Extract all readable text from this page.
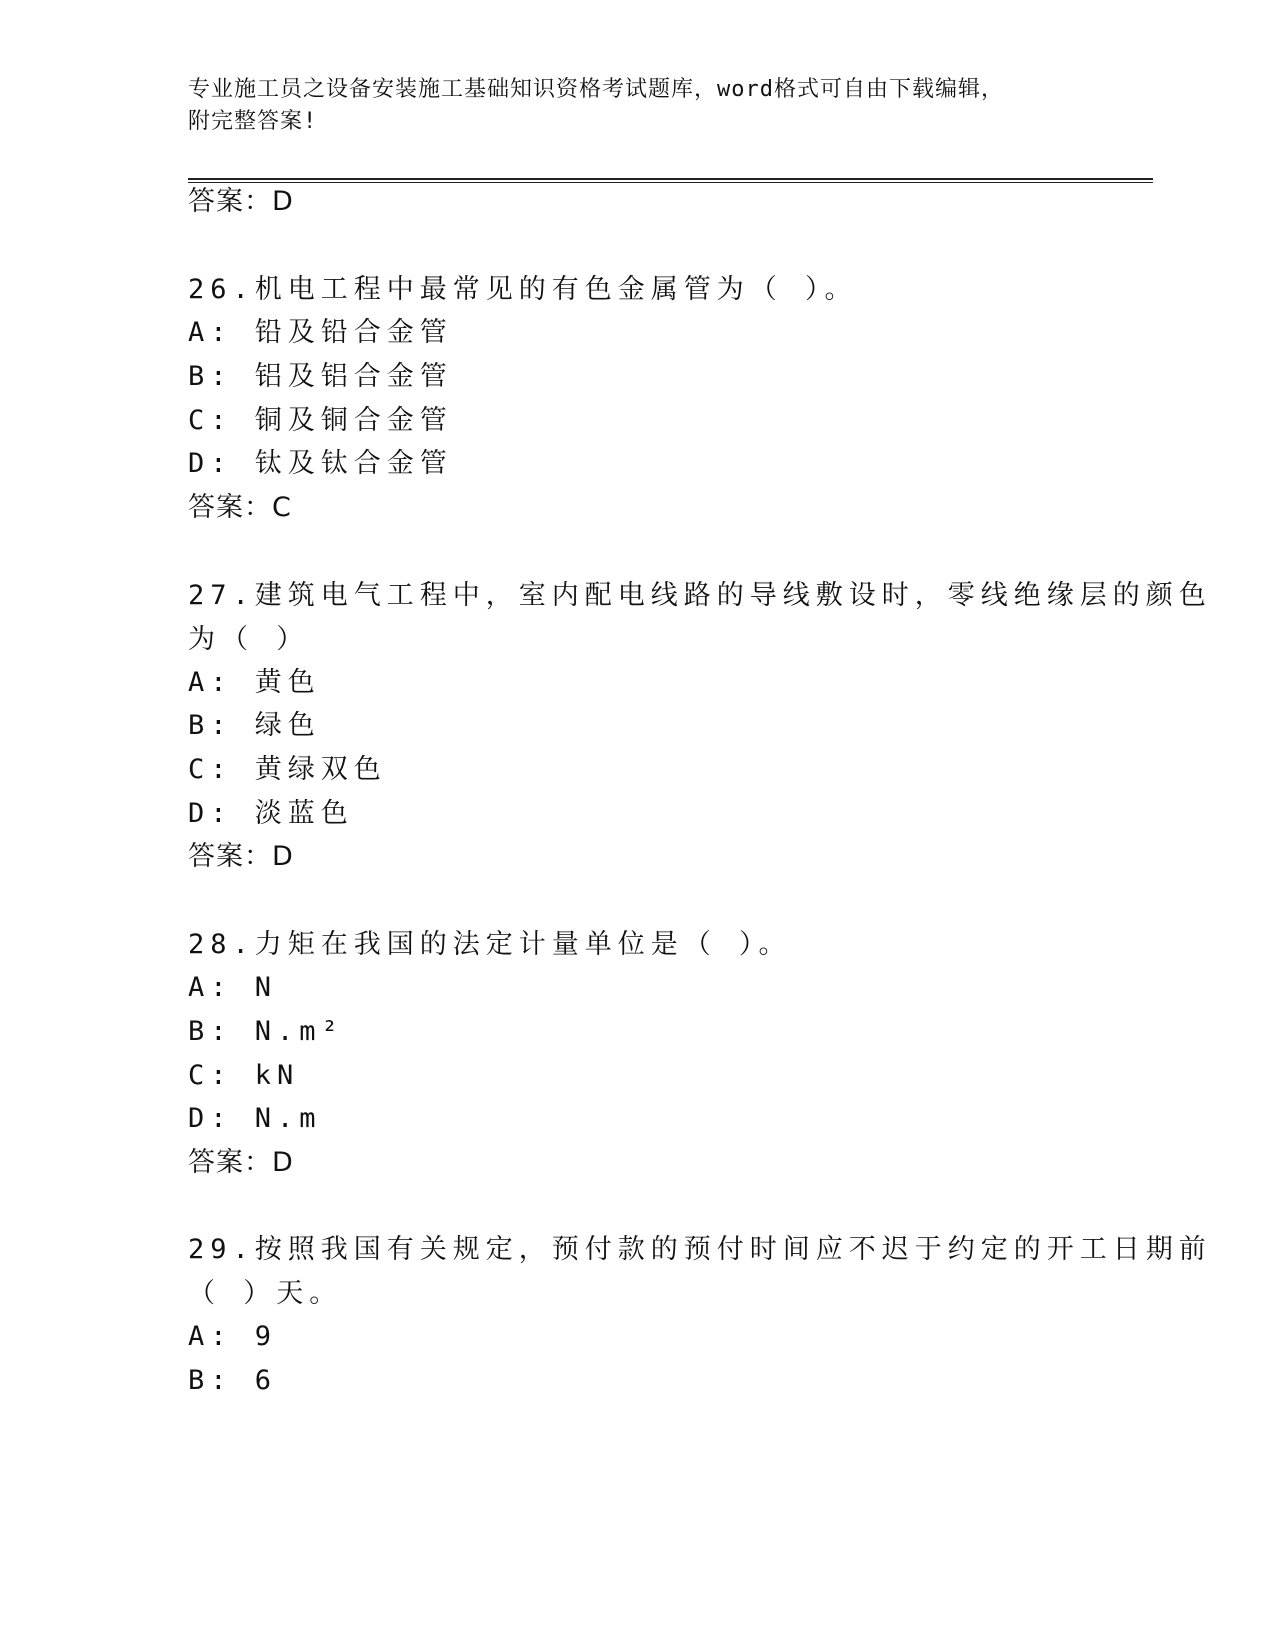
专业施工员之设备安装施工基础知识资格考试题库，word格式可自由下载编辑，
附完整答案!
答案：D
26.机电工程中最常见的有色金属管为（ ）。
A: 铅及铅合金管
B: 铝及铝合金管
C: 铜及铜合金管
D: 钛及钛合金管
答案：C
27.建筑电气工程中，室内配电线路的导线敷设时，零线绝缘层的颜色
为（ ）
A: 黄色
B: 绿色
C: 黄绿双色
D: 淡蓝色
答案：D
28.力矩在我国的法定计量单位是（ ）。
A: N
B: N.m²
C: kN
D: N.m
答案：D
29.按照我国有关规定，预付款的预付时间应不迟于约定的开工日期前
（ ）天。
A: 9
B: 6
